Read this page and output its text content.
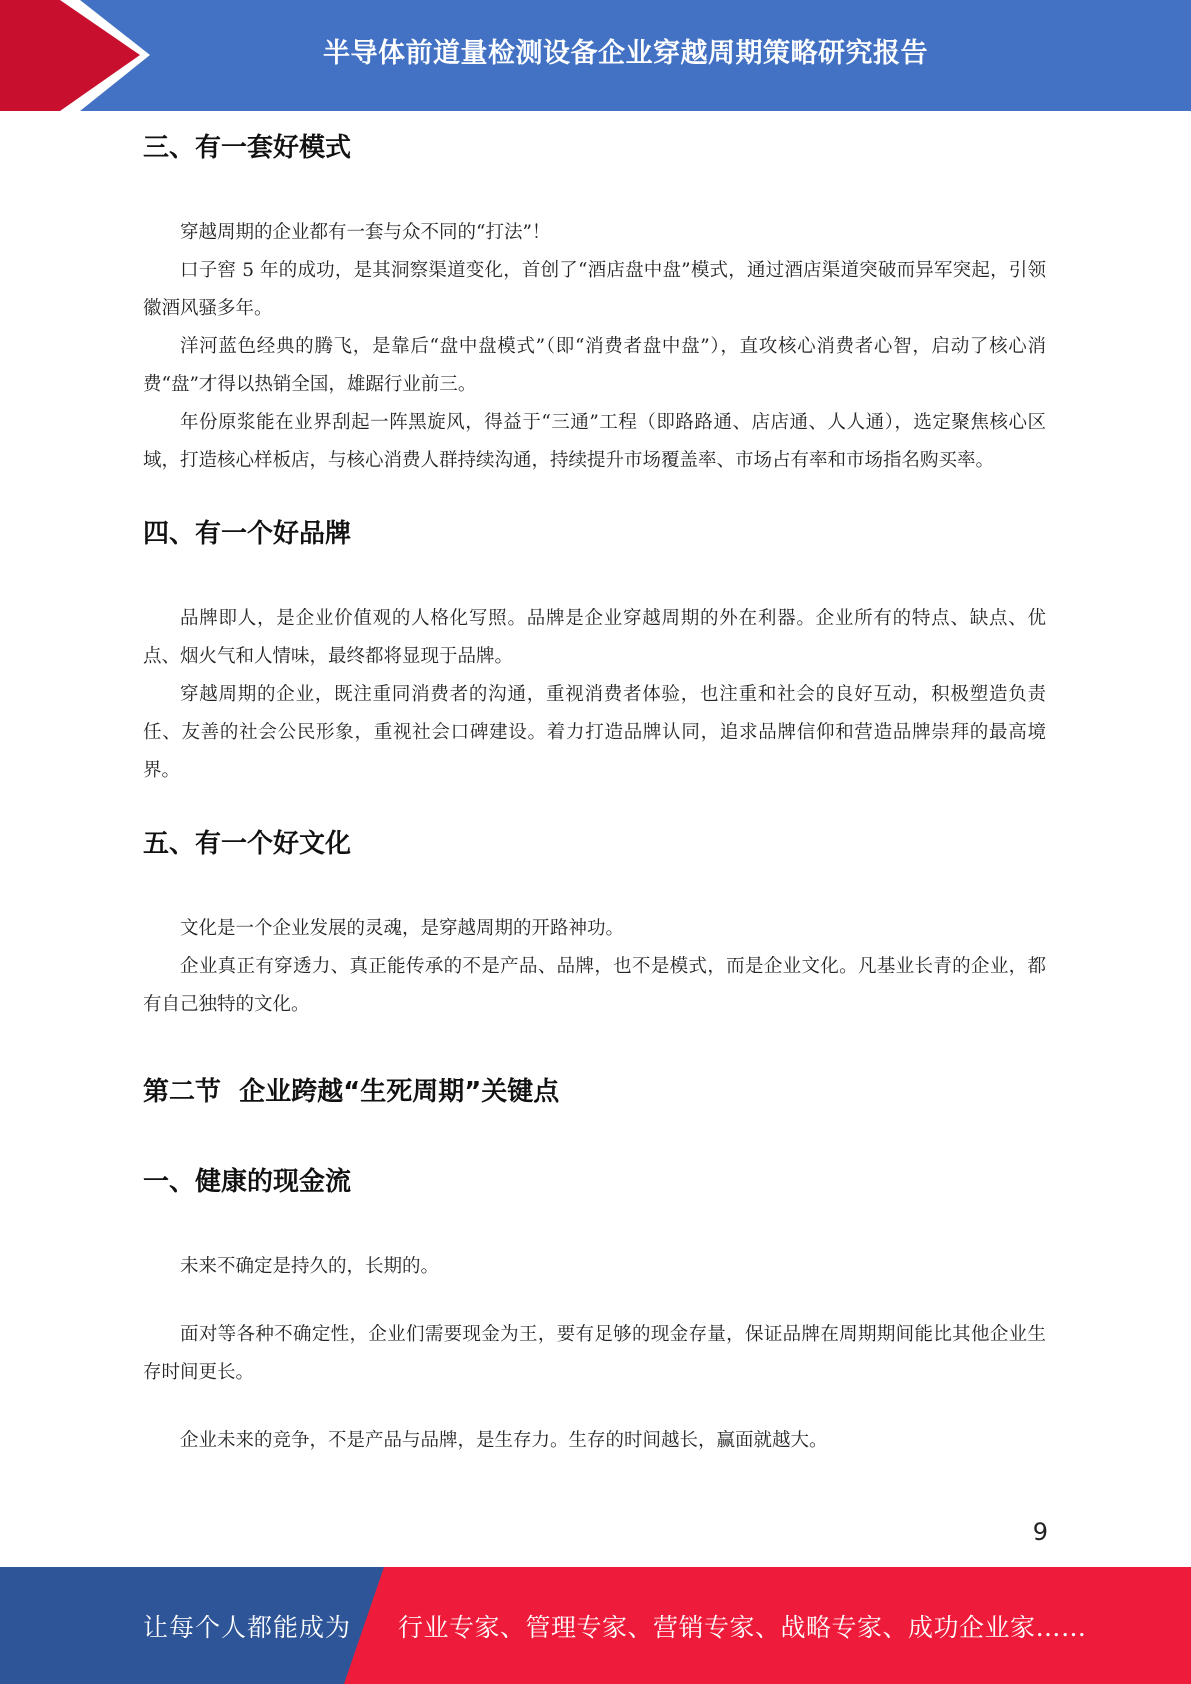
半导体前道量检测设备企业穿越周期策略研究报告
三、有一套好模式

穿越周期的企业都有一套与众不同的“打法”！

口子窖 5 年的成功，是其洞察渠道变化，首创了“酒店盘中盘”模式，通过酒店渠道突破而异军突起，引领徽酒风骚多年。

洋河蓝色经典的腾飞，是靠后“盘中盘模式”（即“消费者盘中盘”），直攻核心消费者心智，启动了核心消费“盘”才得以热销全国，雄踞行业前三。

年份原浆能在业界刮起一阵黑旋风，得益于“三通”工程（即路路通、店店通、人人通），选定聚焦核心区域，打造核心样板店，与核心消费人群持续沟通，持续提升市场覆盖率、市场占有率和市场指名购买率。

四、有一个好品牌

品牌即人，是企业价值观的人格化写照。品牌是企业穿越周期的外在利器。企业所有的特点、缺点、优点、烟火气和人情味，最终都将显现于品牌。

穿越周期的企业，既注重同消费者的沟通，重视消费者体验，也注重和社会的良好互动，积极塑造负责任、友善的社会公民形象，重视社会口碑建设。着力打造品牌认同，追求品牌信仰和营造品牌崇拜的最高境界。

五、有一个好文化

文化是一个企业发展的灵魂，是穿越周期的开路神功。

企业真正有穿透力、真正能传承的不是产品、品牌，也不是模式，而是企业文化。凡基业长青的企业，都有自己独特的文化。

第二节  企业跨越“生死周期”关键点
一、健康的现金流

未来不确定是持久的，长期的。

面对等各种不确定性，企业们需要现金为王，要有足够的现金存量，保证品牌在周期期间能比其他企业生存时间更长。

企业未来的竞争，不是产品与品牌，是生存力。生存的时间越长，赢面就越大。

9
让每个人都能成为 行业专家、管理专家、营销专家、战略专家、成功企业家……
